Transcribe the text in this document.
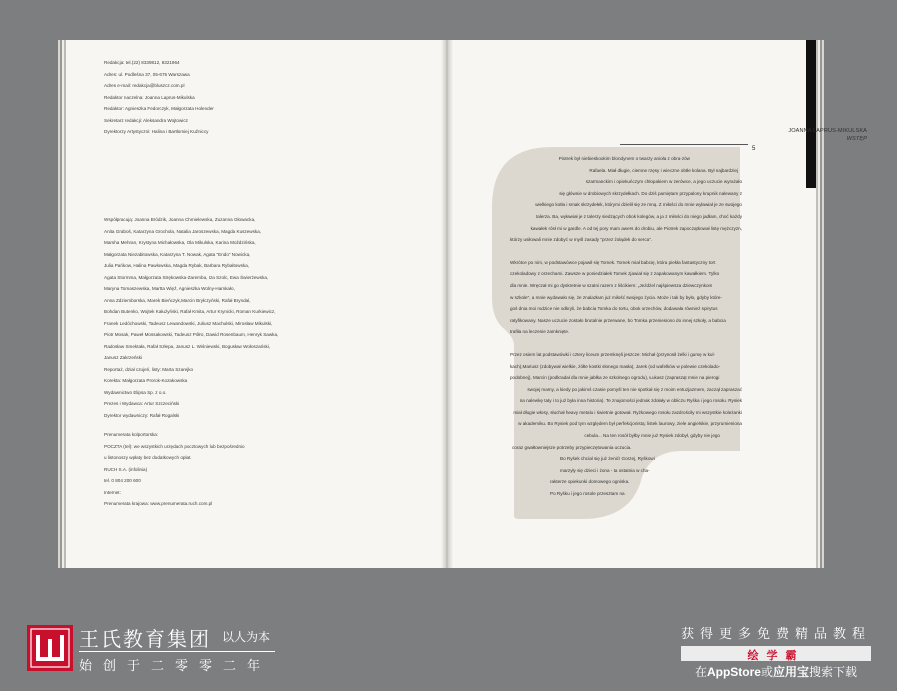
Redakcja: tel.(22) 8339812, 8321964
Adres: ul. Podleśna 37, 05-675 Warszawa
Adres e-mail: redakcja@bluszcz.com.pl
Redaktor naczelna: Joanna Laprus-Mikulska
Redaktor: Agnieszka Fedorczyk, Małgorzata Holender
Sekretarz redakcji: Aleksandra Wojtowicz
Dyrektorzy Artystyczni: Halina i Bartłomiej Kuźniccy
Współpracują: Joanna Bródzik, Joanna Chmielewska, Zuzanna Głowacka,
Anita Graboś, Katarzyna Grochola, Natalia Jaroszewska, Magda Kuszewska,
Marsha Mehran, Krystyna Michałowska, Ola Mikulska, Karina Moździńska,
Małgorzata Niezabitowska, Katarzyna T. Nowak, Agata "Endo" Nowicka,
Julia Pańkow, Halina Pawłowska, Magda Rybak, Barbara Rybałtowska,
Agata Stormma, Małgorzata Strękowska-Zaremba, Iza Szolc, Ewa Świerżewska,
Maryna Tomaszewska, Martta Więź, Agnieszka Wolny-Hamkało,
Anna Zdziemborska, Marek Bieńczyk,Marcin Bryłczyński, Rafał Bryndal,
Bohdan Butenko, Wojtek Kałużyński, Rafał Kmita, Artur Krynicki, Roman Kurkiewicz,
Franek Ledóchowski, Tadeusz Lewandowski, Juliusz Machulski, Mirosław Mikulski,
Piotr Mosak, Paweł Mossakowski, Tadeusz Półro, Dawid Rosenbaum, Henryk Sawka,
Radosław Smektała, Rafał Szłepa, Janusz L. Wiśniewski, Bogusław Wołoszański,
Janusz Zakrzeński
Reportaż, dział czujeń, listy: Marta Szarejko
Korekta: Małgorzata Prorok-Kozakowska
Wydawnictwo Elipsa Sp. z o.o.
Prezes i Wydawca: Artur Szczeciński
Dyrektor wydawniczy: Rafał Rogalski
Prenumerata kolportorska:
POCZTA (tel): we wszystkich urzędach pocztowych lub bezpośrednio
u listonoszy wpłaty bez dodatkowych opłat.
RUCH S.A. (infolinia)
tel. 0 804 200 600
Internet:
Prenumerata krajowa: www.prenumerata.ruch.com.pl
JOANNA LAPRUS-MIKULSKA
WSTĘP
5

Piotrek był niebieskookim blondynem o twarzy anioła z obra-zów
Rafaela. Miał długie, ciemne rzęsy i wieczne obtłe kolana. Był najbardziej
szarmanckim i opiekuńczym chłopakiem w zerówce, a jego uczucie wyrażało
się głównie w drobiowych skrzydełkach. Do dziś pamiętam przypalony krupnik nalewany z
wielkiego kotła i smak skrzydełek, którymi dzielił się ze mną. Z miłości do mnie wyławiał je ze swojego
talerza. Ba, wyławiał je z talerzy siedzących obok kolegów, a ja z miłości do niego jadłam, choć każdy
kawałek rósł mi w gardle. A od tej pory mam awers do drobiu, ale Piotrek zapoczątkował listę mężczyzn,
którzy usiłowali mnie zdobyć w myśl zasady "przez żołądek do serca".

Wkrótce po nim, w podstawówce pojawił się Tomek. Tomek miał babcię, która piekła fantastyczny tort
czekoladowy z orzechami. Zawsze w poniedziałek Tomek zjawiał się z zapakowanym kawałkiem. Tylko
dla mnie. Wręczał mi go dyskretnie w szatni razem z liścikiem: „Jeżdżel najśpiewsza dziewczynkom
w szkole", a mnie wydawało się, że znalazłam już miłość swojego życia. Może i tak by było, gdyby które-
goś dnia moi rodzice nie odkryli, że babcia Tomka do tortu, obok orzechów, dodawała również spirytus
ratyfikowany. Nasze uczucie zostało brutalnie przerwane, bo Tomka przeniesiono do innej szkoły, a babcia
trafiła na leczenie zamknięte.

Przez osiem lat podstawówki i cztery liceum przemknęli jeszcze: Michał (przynosił żelki i gumę w kul-
kach),Mariusz (zdobywał wielkie, żółte kostki słonego masła), Jarek (od wafelków w polewie czekolado-
podobnej), Marcin (podkradał dla mnie jabłka ze szkolnego ogrodu), Łukasz (zaprasząt mnie na pierogi
swojej mamy, a kiedy po jakimś czasie pomyśl ten nie spotkał się z moim entuzjazmem, zaczął zapraszać
na nalewkę taty i to już była inna historia). Te znajomości jednak zdołały w obliczu Ryśka i jego rosołu. Rysiek
miał długie włosy, słuchał heavy metalu i świetnie gotował. Ryżkowego rosołu zazdrościły mi wszystkie koleżanki
w akademiku. Bo Rysiek pod tym względem był perfekcjonistą: listek laurowy, ziele angielskie, przyrumieniona
cebula... Na ten rosół byłby mnie już Rysiek zdobył, gdyby nie jego
coraz gwałtowniejsze potrzeby przypieczętowania uczucia.
Bo Ryśek chciał się już żenić! Gorzej, Ryśkowi
marzyły się dzieci i żona - ta ostatnia w cha-
rakterze opiekunki domowego ogniska.
Po Ryśku i jego rosole przesztam na

王氏教育集团 以人为本
始创于二零零二年
获得更多免费精品教程
绘学霸
在AppStore或应用宝搜索下载
